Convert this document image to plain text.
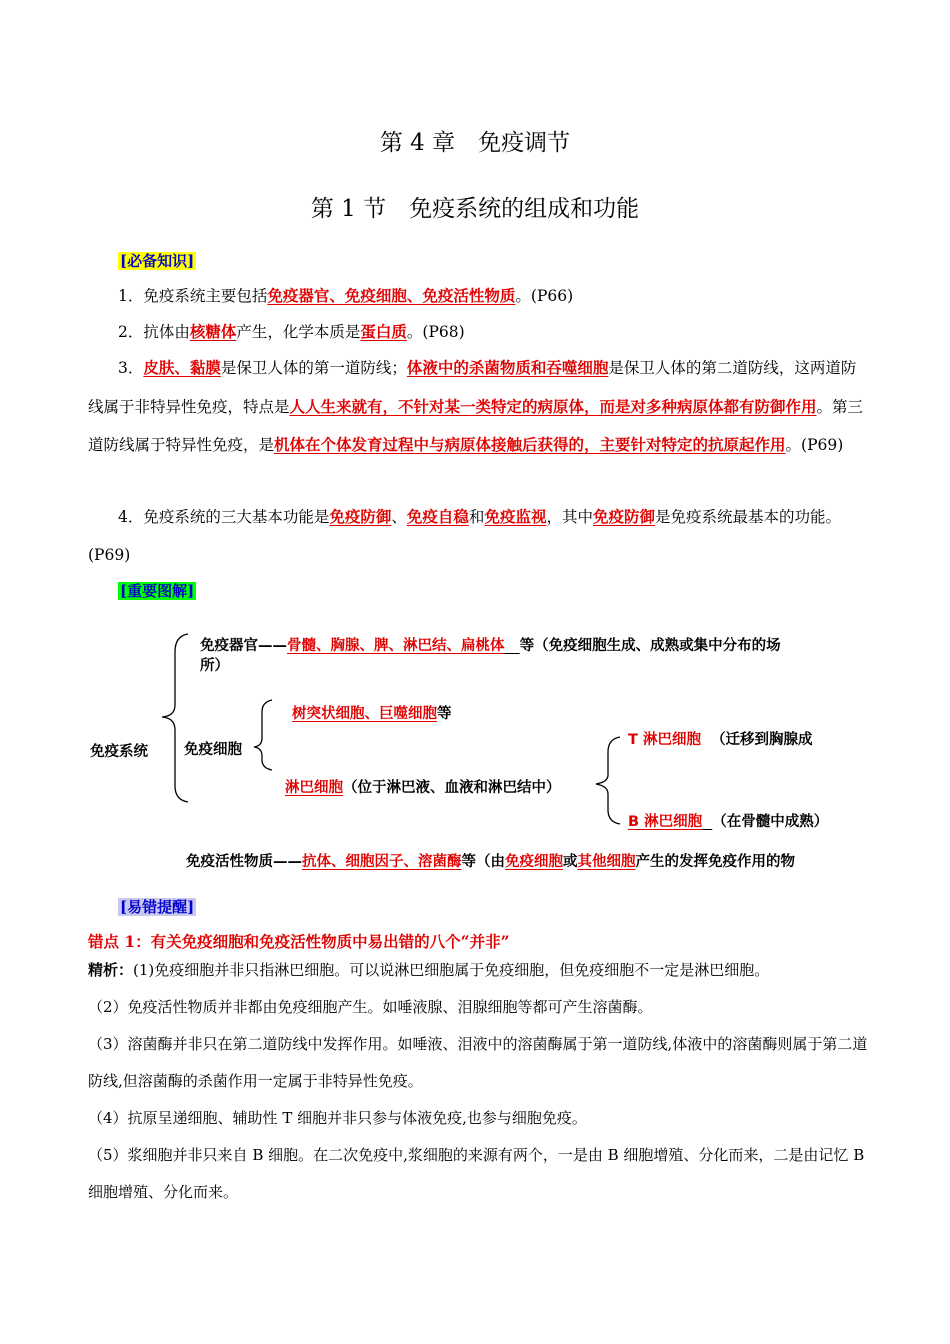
第 4 章　免疫调节
第 1 节　免疫系统的组成和功能
[必备知识]
1．免疫系统主要包括免疫器官、免疫细胞、免疫活性物质。(P66)
2．抗体由核糖体产生，化学本质是蛋白质。(P68)
3．皮肤、黏膜是保卫人体的第一道防线；体液中的杀菌物质和吞噬细胞是保卫人体的第二道防线，这两道防线属于非特异性免疫，特点是人人生来就有，不针对某一类特定的病原体，而是对多种病原体都有防御作用。第三道防线属于特异性免疫，是机体在个体发育过程中与病原体接触后获得的，主要针对特定的抗原起作用。(P69)
4．免疫系统的三大基本功能是免疫防御、免疫自稳和免疫监视，其中免疫防御是免疫系统最基本的功能。(P69)
[重要图解]
免疫系统
免疫器官——骨髓、胸腺、脾、淋巴结、扁桃体 等（免疫细胞生成、成熟或集中分布的场
所）
免疫细胞
树突状细胞、巨噬细胞等
淋巴细胞（位于淋巴液、血液和淋巴结中）
T 淋巴细胞 （迁移到胸腺成
B 淋巴细胞 （在骨髓中成熟）
免疫活性物质——抗体、细胞因子、溶菌酶等（由免疫细胞或其他细胞产生的发挥免疫作用的物
[易错提醒]
错点 1：有关免疫细胞和免疫活性物质中易出错的八个“并非”
精析：(1)免疫细胞并非只指淋巴细胞。可以说淋巴细胞属于免疫细胞，但免疫细胞不一定是淋巴细胞。
（2）免疫活性物质并非都由免疫细胞产生。如唾液腺、泪腺细胞等都可产生溶菌酶。
（3）溶菌酶并非只在第二道防线中发挥作用。如唾液、泪液中的溶菌酶属于第一道防线,体液中的溶菌酶则属于第二道防线,但溶菌酶的杀菌作用一定属于非特异性免疫。
（4）抗原呈递细胞、辅助性 T 细胞并非只参与体液免疫,也参与细胞免疫。
（5）浆细胞并非只来自 B 细胞。在二次免疫中,浆细胞的来源有两个，一是由 B 细胞增殖、分化而来，二是由记忆 B 细胞增殖、分化而来。
